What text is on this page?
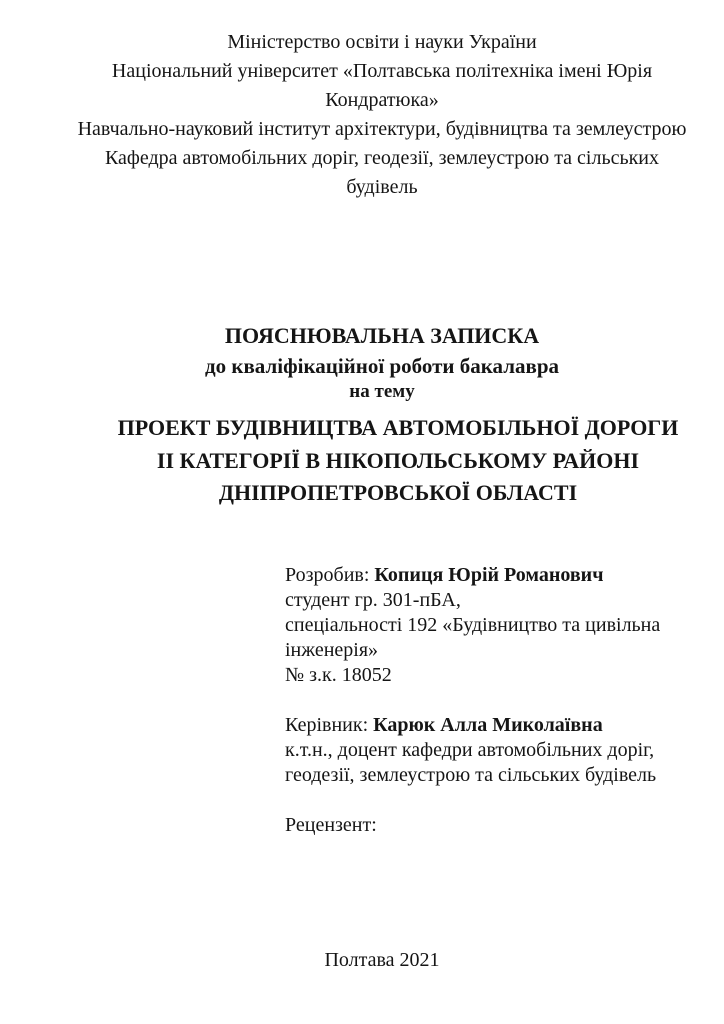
Міністерство освіти і науки України
Національний університет «Полтавська політехніка імені Юрія Кондратюка»
Навчально-науковий інститут архітектури, будівництва та землеустрою
Кафедра автомобільних доріг, геодезії, землеустрою та сільських будівель
ПОЯСНЮВАЛЬНА ЗАПИСКА
до кваліфікаційної роботи бакалавра
на тему
ПРОЕКТ БУДІВНИЦТВА АВТОМОБІЛЬНОЇ ДОРОГИ
ІІ КАТЕГОРІЇ В НІКОПОЛЬСЬКОМУ РАЙОНІ
ДНІПРОПЕТРОВСЬКОЇ ОБЛАСТІ

Розробив: Копиця Юрій Романович

студент гр. 301-пБА,

спеціальності 192 «Будівництво та цивільна інженерія»

№ з.к. 18052

Керівник: Карюк Алла Миколаївна

к.т.н., доцент кафедри автомобільних доріг,

геодезії, землеустрою та сільських будівель

Рецензент:

Полтава 2021
